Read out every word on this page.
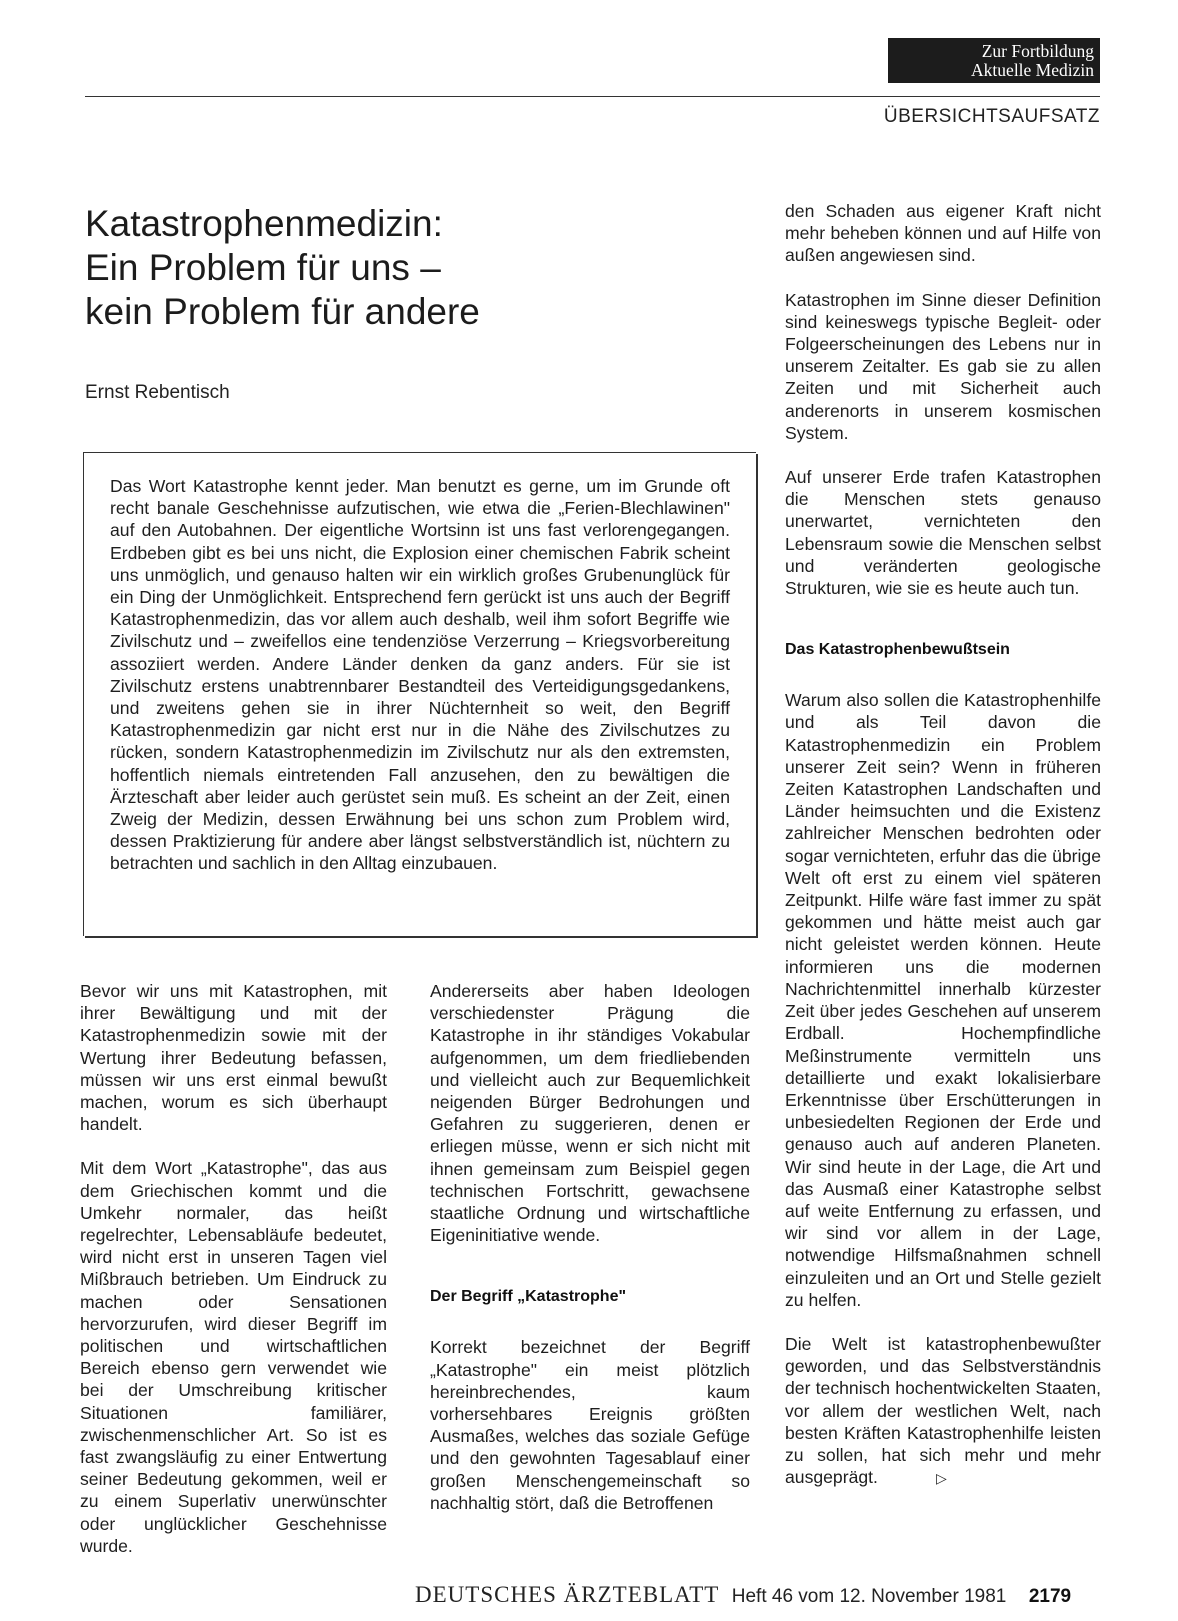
Zur Fortbildung
Aktuelle Medizin
ÜBERSICHTSAUFSATZ
Katastrophenmedizin:
Ein Problem für uns –
kein Problem für andere
Ernst Rebentisch

Das Wort Katastrophe kennt jeder. Man benutzt es gerne, um im Grunde oft recht banale Geschehnisse aufzutischen, wie etwa die „Ferien-Blechlawinen" auf den Autobahnen. Der eigentliche Wortsinn ist uns fast verlorengegangen. Erdbeben gibt es bei uns nicht, die Explosion einer chemischen Fabrik scheint uns unmöglich, und genauso halten wir ein wirklich großes Grubenunglück für ein Ding der Unmöglichkeit. Entsprechend fern gerückt ist uns auch der Begriff Katastrophenmedizin, das vor allem auch deshalb, weil ihm sofort Begriffe wie Zivilschutz und – zweifellos eine tendenziöse Verzerrung – Kriegsvorbereitung assoziiert werden. Andere Länder denken da ganz anders. Für sie ist Zivilschutz erstens unabtrennbarer Bestandteil des Verteidigungsgedankens, und zweitens gehen sie in ihrer Nüchternheit so weit, den Begriff Katastrophenmedizin gar nicht erst nur in die Nähe des Zivilschutzes zu rücken, sondern Katastrophenmedizin im Zivilschutz nur als den extremsten, hoffentlich niemals eintretenden Fall anzusehen, den zu bewältigen die Ärzteschaft aber leider auch gerüstet sein muß. Es scheint an der Zeit, einen Zweig der Medizin, dessen Erwähnung bei uns schon zum Problem wird, dessen Praktizierung für andere aber längst selbstverständlich ist, nüchtern zu betrachten und sachlich in den Alltag einzubauen.

Bevor wir uns mit Katastrophen, mit ihrer Bewältigung und mit der Katastrophenmedizin sowie mit der Wertung ihrer Bedeutung befassen, müssen wir uns erst einmal bewußt machen, worum es sich überhaupt handelt.

Mit dem Wort „Katastrophe", das aus dem Griechischen kommt und die Umkehr normaler, das heißt regelrechter, Lebensabläufe bedeutet, wird nicht erst in unseren Tagen viel Mißbrauch betrieben. Um Eindruck zu machen oder Sensationen hervorzurufen, wird dieser Begriff im politischen und wirtschaftlichen Bereich ebenso gern verwendet wie bei der Umschreibung kritischer Situationen familiärer, zwischenmenschlicher Art. So ist es fast zwangsläufig zu einer Entwertung seiner Bedeutung gekommen, weil er zu einem Superlativ unerwünschter oder unglücklicher Geschehnisse wurde.

Andererseits aber haben Ideologen verschiedenster Prägung die Katastrophe in ihr ständiges Vokabular aufgenommen, um dem friedliebenden und vielleicht auch zur Bequemlichkeit neigenden Bürger Bedrohungen und Gefahren zu suggerieren, denen er erliegen müsse, wenn er sich nicht mit ihnen gemeinsam zum Beispiel gegen technischen Fortschritt, gewachsene staatliche Ordnung und wirtschaftliche Eigeninitiative wende.

Der Begriff „Katastrophe"

Korrekt bezeichnet der Begriff „Katastrophe" ein meist plötzlich hereinbrechendes, kaum vorhersehbares Ereignis größten Ausmaßes, welches das soziale Gefüge und den gewohnten Tagesablauf einer großen Menschengemeinschaft so nachhaltig stört, daß die Betroffenen

den Schaden aus eigener Kraft nicht mehr beheben können und auf Hilfe von außen angewiesen sind.

Katastrophen im Sinne dieser Definition sind keineswegs typische Begleit- oder Folgeerscheinungen des Lebens nur in unserem Zeitalter. Es gab sie zu allen Zeiten und mit Sicherheit auch anderenorts in unserem kosmischen System.

Auf unserer Erde trafen Katastrophen die Menschen stets genauso unerwartet, vernichteten den Lebensraum sowie die Menschen selbst und veränderten geologische Strukturen, wie sie es heute auch tun.

Das Katastrophenbewußtsein

Warum also sollen die Katastrophenhilfe und als Teil davon die Katastrophenmedizin ein Problem unserer Zeit sein? Wenn in früheren Zeiten Katastrophen Landschaften und Länder heimsuchten und die Existenz zahlreicher Menschen bedrohten oder sogar vernichteten, erfuhr das die übrige Welt oft erst zu einem viel späteren Zeitpunkt. Hilfe wäre fast immer zu spät gekommen und hätte meist auch gar nicht geleistet werden können. Heute informieren uns die modernen Nachrichtenmittel innerhalb kürzester Zeit über jedes Geschehen auf unserem Erdball. Hochempfindliche Meßinstrumente vermitteln uns detaillierte und exakt lokalisierbare Erkenntnisse über Erschütterungen in unbesiedelten Regionen der Erde und genauso auch auf anderen Planeten. Wir sind heute in der Lage, die Art und das Ausmaß einer Katastrophe selbst auf weite Entfernung zu erfassen, und wir sind vor allem in der Lage, notwendige Hilfsmaßnahmen schnell einzuleiten und an Ort und Stelle gezielt zu helfen.

Die Welt ist katastrophenbewußter geworden, und das Selbstverständnis der technisch hochentwickelten Staaten, vor allem der westlichen Welt, nach besten Kräften Katastrophenhilfe leisten zu sollen, hat sich mehr und mehr ausgeprägt.	▷

DEUTSCHES ÄRZTEBLATT Heft 46 vom 12. November 1981 2179
